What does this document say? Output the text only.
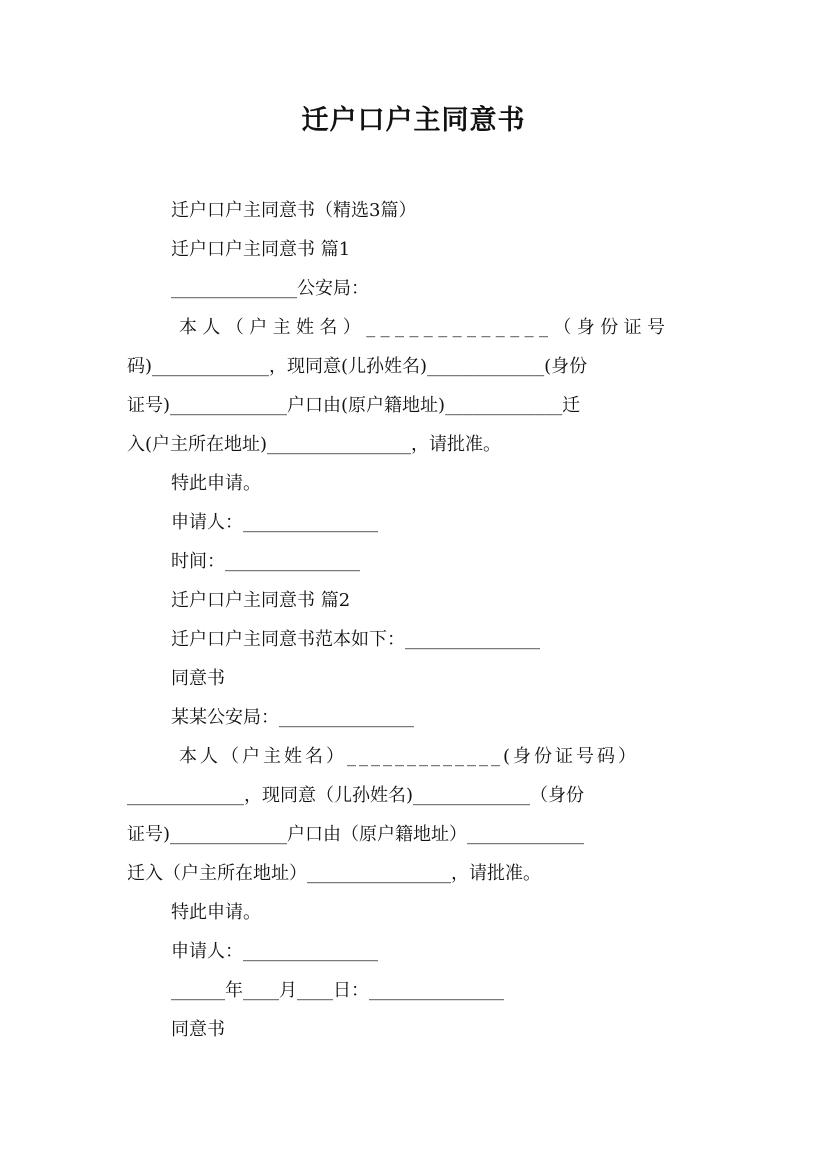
迁户口户主同意书
迁户口户主同意书（精选3篇）
迁户口户主同意书 篇1
______________公安局：
本人（户主姓名）_____________（身份证号
码)_____________，现同意(儿孙姓名)_____________(身份
证号)_____________户口由(原户籍地址)_____________迁
入(户主所在地址)________________，请批准。
特此申请。
申请人：_______________
时间：_______________
迁户口户主同意书 篇2
迁户口户主同意书范本如下：_______________
同意书
某某公安局：_______________
本人（户主姓名）_____________(身份证号码）
_____________，现同意（儿孙姓名)_____________（身份
证号)_____________户口由（原户籍地址）_____________
迁入（户主所在地址）________________，请批准。
特此申请。
申请人：_______________
______年____月____日：_______________
同意书
